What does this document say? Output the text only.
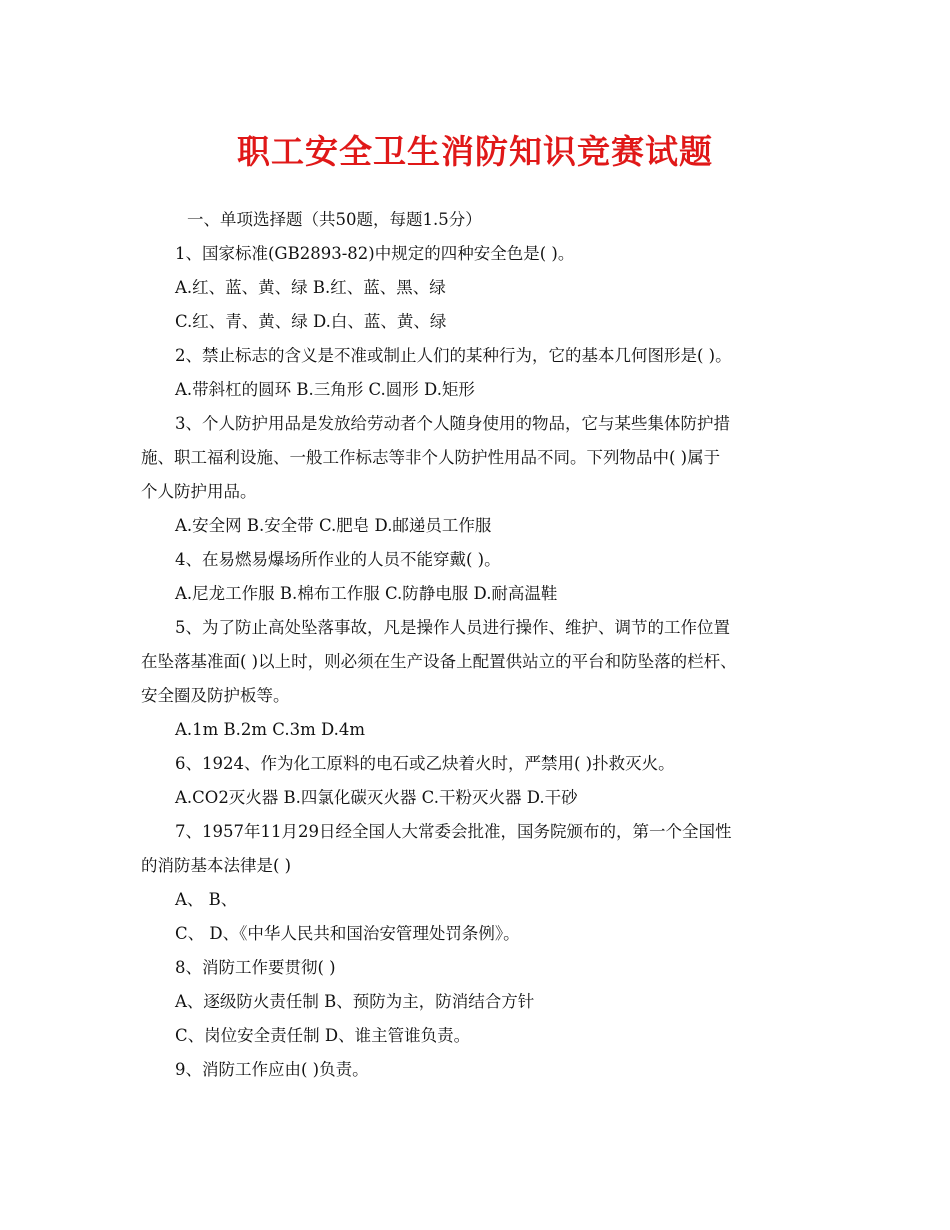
职工安全卫生消防知识竞赛试题
一、单项选择题（共50题，每题1.5分）
1、国家标准(GB2893-82)中规定的四种安全色是( )。
A.红、蓝、黄、绿 B.红、蓝、黑、绿
C.红、青、黄、绿 D.白、蓝、黄、绿
2、禁止标志的含义是不准或制止人们的某种行为，它的基本几何图形是( )。
A.带斜杠的圆环 B.三角形 C.圆形 D.矩形
3、个人防护用品是发放给劳动者个人随身使用的物品，它与某些集体防护措
施、职工福利设施、一般工作标志等非个人防护性用品不同。下列物品中( )属于
个人防护用品。
A.安全网 B.安全带 C.肥皂 D.邮递员工作服
4、在易燃易爆场所作业的人员不能穿戴( )。
A.尼龙工作服 B.棉布工作服 C.防静电服 D.耐高温鞋
5、为了防止高处坠落事故，凡是操作人员进行操作、维护、调节的工作位置
在坠落基准面( )以上时，则必须在生产设备上配置供站立的平台和防坠落的栏杆、
安全圈及防护板等。
A.1m B.2m C.3m D.4m
6、1924、作为化工原料的电石或乙炔着火时，严禁用( )扑救灭火。
A.CO2灭火器 B.四氯化碳灭火器 C.干粉灭火器 D.干砂
7、1957年11月29日经全国人大常委会批准，国务院颁布的，第一个全国性
的消防基本法律是( )
A、 B、
C、 D、《中华人民共和国治安管理处罚条例》。
8、消防工作要贯彻( )
A、逐级防火责任制 B、预防为主，防消结合方针
C、岗位安全责任制 D、谁主管谁负责。
9、消防工作应由( )负责。
